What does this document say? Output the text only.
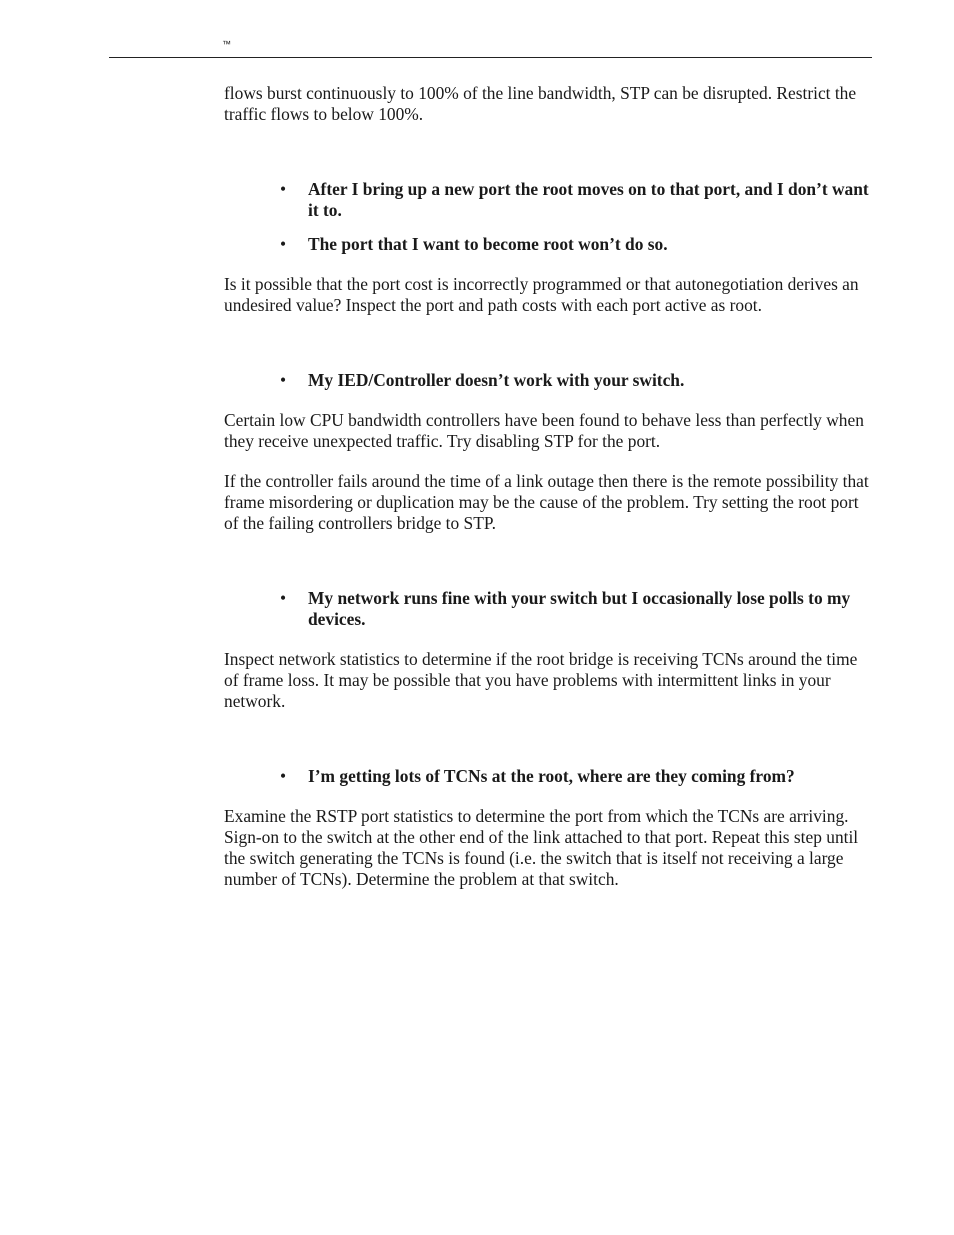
™

flows burst continuously to 100% of the line bandwidth, STP can be disrupted. Restrict the traffic flows to below 100%.

• After I bring up a new port the root moves on to that port, and I don’t want it to.

• The port that I want to become root won’t do so.

Is it possible that the port cost is incorrectly programmed or that autonegotiation derives an undesired value? Inspect the port and path costs with each port active as root.

• My IED/Controller doesn’t work with your switch.

Certain low CPU bandwidth controllers have been found to behave less than perfectly when they receive unexpected traffic. Try disabling STP for the port.

If the controller fails around the time of a link outage then there is the remote possibility that frame misordering or duplication may be the cause of the problem. Try setting the root port of the failing controllers bridge to STP.

• My network runs fine with your switch but I occasionally lose polls to my devices.

Inspect network statistics to determine if the root bridge is receiving TCNs around the time of frame loss. It may be possible that you have problems with intermittent links in your network.

• I’m getting lots of TCNs at the root, where are they coming from?

Examine the RSTP port statistics to determine the port from which the TCNs are arriving. Sign-on to the switch at the other end of the link attached to that port. Repeat this step until the switch generating the TCNs is found (i.e. the switch that is itself not receiving a large number of TCNs). Determine the problem at that switch.
